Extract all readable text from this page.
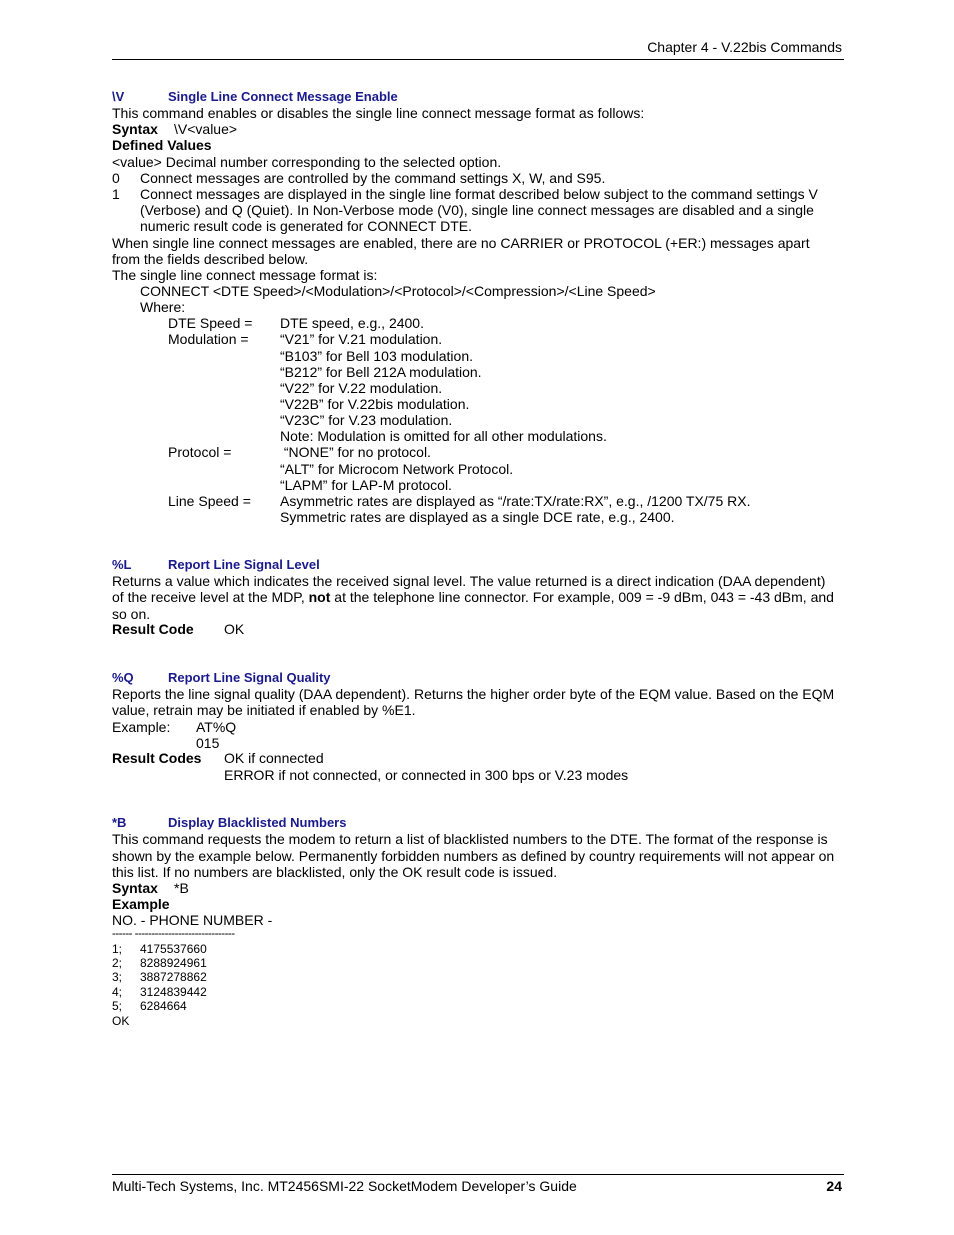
Chapter 4 - V.22bis Commands
\V	Single Line Connect Message Enable
This command enables or disables the single line connect message format as follows:
Syntax \V<value>
Defined Values
<value> Decimal number corresponding to the selected option.
0 Connect messages are controlled by the command settings X, W, and S95.
1 Connect messages are displayed in the single line format described below subject to the command settings V
(Verbose) and Q (Quiet). In Non-Verbose mode (V0), single line connect messages are disabled and a single
numeric result code is generated for CONNECT DTE.
When single line connect messages are enabled, there are no CARRIER or PROTOCOL (+ER:) messages apart
from the fields described below.
The single line connect message format is:
CONNECT <DTE Speed>/<Modulation>/<Protocol>/<Compression>/<Line Speed>
Where:
DTE Speed = DTE speed, e.g., 2400.
Modulation = “V21” for V.21 modulation.
“B103” for Bell 103 modulation.
“B212” for Bell 212A modulation.
“V22” for V.22 modulation.
“V22B” for V.22bis modulation.
“V23C” for V.23 modulation.
Note: Modulation is omitted for all other modulations.
Protocol =	“NONE” for no protocol.
“ALT” for Microcom Network Protocol.
“LAPM” for LAP-M protocol.
Line Speed = Asymmetric rates are displayed as “/rate:TX/rate:RX”, e.g., /1200 TX/75 RX.
Symmetric rates are displayed as a single DCE rate, e.g., 2400.
%L	Report Line Signal Level
Returns a value which indicates the received signal level. The value returned is a direct indication (DAA dependent)
of the receive level at the MDP, not at the telephone line connector. For example, 009 = -9 dBm, 043 = -43 dBm, and
so on.
Result Code OK
%Q	Report Line Signal Quality
Reports the line signal quality (DAA dependent). Returns the higher order byte of the EQM value. Based on the EQM
value, retrain may be initiated if enabled by %E1.
Example: AT%Q
015
Result Codes OK if connected
ERROR if not connected, or connected in 300 bps or V.23 modes
*B	Display Blacklisted Numbers
This command requests the modem to return a list of blacklisted numbers to the DTE. The format of the response is
shown by the example below. Permanently forbidden numbers as defined by country requirements will not appear on
this list. If no numbers are blacklisted, only the OK result code is issued.
Syntax *B
Example
NO. - PHONE NUMBER -
------ ------------------------------
1; 4175537660
2; 8288924961
3; 3887278862
4; 3124839442
5; 6284664
OK
Multi-Tech Systems, Inc. MT2456SMI-22 SocketModem Developer’s Guide	24
